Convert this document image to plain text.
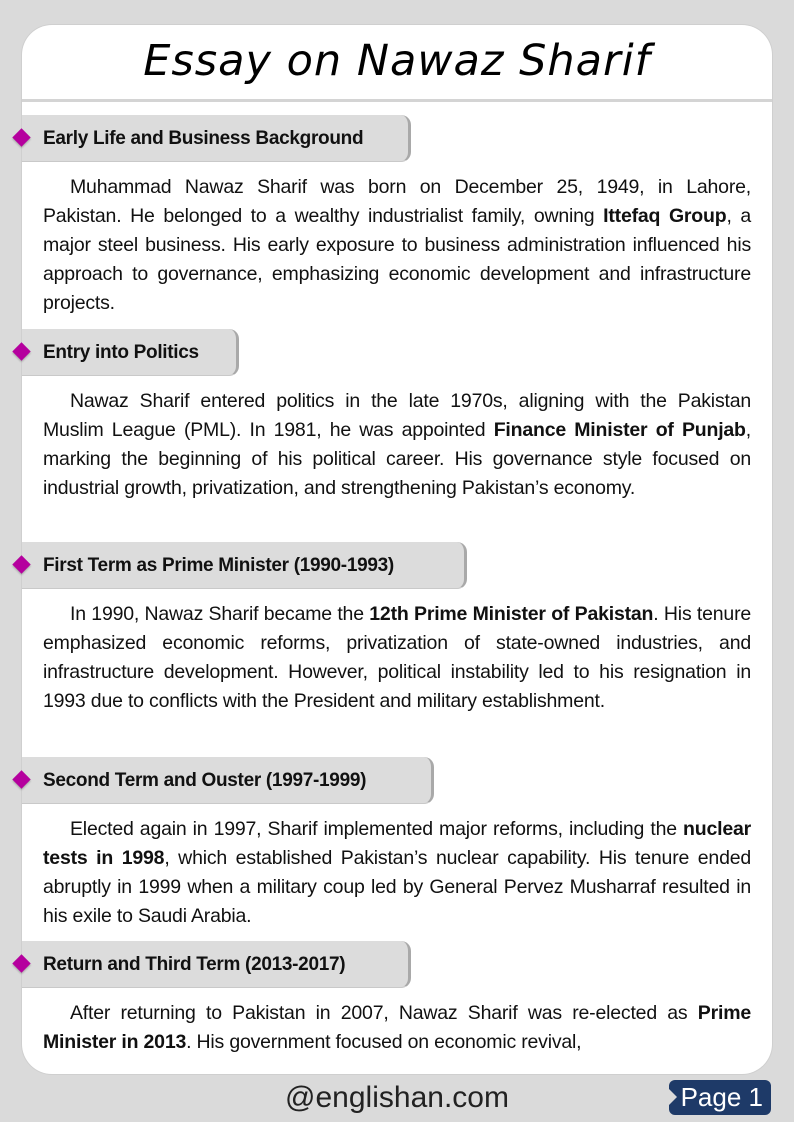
Essay on Nawaz Sharif
Early Life and Business Background

Muhammad Nawaz Sharif was born on December 25, 1949, in Lahore, Pakistan. He belonged to a wealthy industrialist family, owning Ittefaq Group, a major steel business. His early exposure to business administration influenced his approach to governance, emphasizing economic development and infrastructure projects.

Entry into Politics

Nawaz Sharif entered politics in the late 1970s, aligning with the Pakistan Muslim League (PML). In 1981, he was appointed Finance Minister of Punjab, marking the beginning of his political career. His governance style focused on industrial growth, privatization, and strengthening Pakistan’s economy.

First Term as Prime Minister (1990-1993)

In 1990, Nawaz Sharif became the 12th Prime Minister of Pakistan. His tenure emphasized economic reforms, privatization of state-owned industries, and infrastructure development. However, political instability led to his resignation in 1993 due to conflicts with the President and military establishment.

Second Term and Ouster (1997-1999)

Elected again in 1997, Sharif implemented major reforms, including the nuclear tests in 1998, which established Pakistan’s nuclear capability. His tenure ended abruptly in 1999 when a military coup led by General Pervez Musharraf resulted in his exile to Saudi Arabia.

Return and Third Term (2013-2017)

After returning to Pakistan in 2007, Nawaz Sharif was re-elected as Prime Minister in 2013. His government focused on economic revival,

@englishan.com	Page 1
